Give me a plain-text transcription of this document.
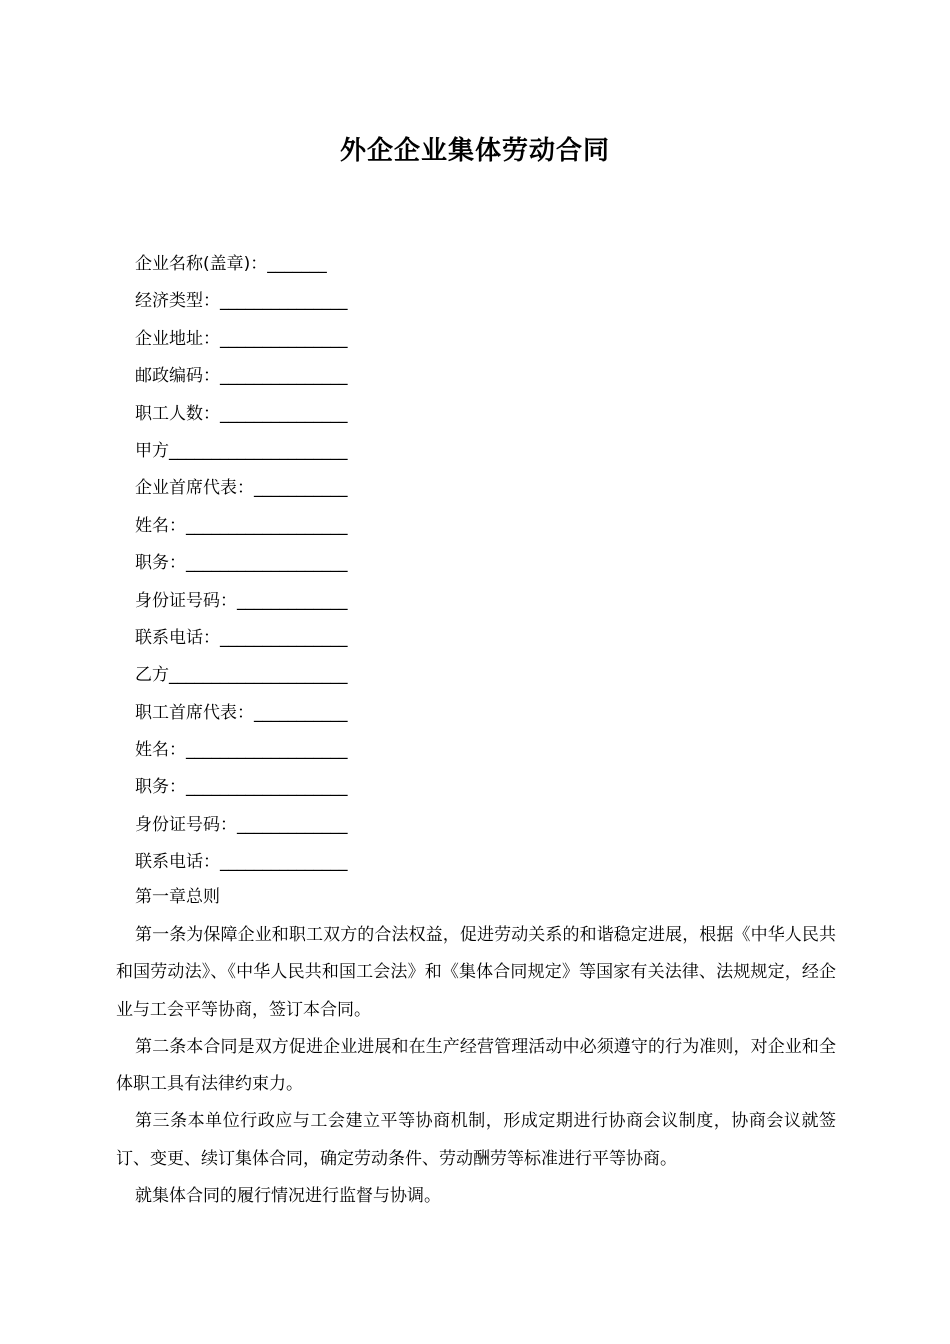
外企企业集体劳动合同
企业名称(盖章)：_______
经济类型：_______________
企业地址：_______________
邮政编码：_______________
职工人数：_______________
甲方_____________________
企业首席代表：___________
姓名：___________________
职务：___________________
身份证号码：_____________
联系电话：_______________
乙方_____________________
职工首席代表：___________
姓名：___________________
职务：___________________
身份证号码：_____________
联系电话：_______________
第一章总则

第一条为保障企业和职工双方的合法权益，促进劳动关系的和谐稳定进展，根据《中华人民共和国劳动法》、《中华人民共和国工会法》和《集体合同规定》等国家有关法律、法规规定，经企业与工会平等协商，签订本合同。

第二条本合同是双方促进企业进展和在生产经营管理活动中必须遵守的行为准则，对企业和全体职工具有法律约束力。

第三条本单位行政应与工会建立平等协商机制，形成定期进行协商会议制度，协商会议就签订、变更、续订集体合同，确定劳动条件、劳动酬劳等标准进行平等协商。

就集体合同的履行情况进行监督与协调。
